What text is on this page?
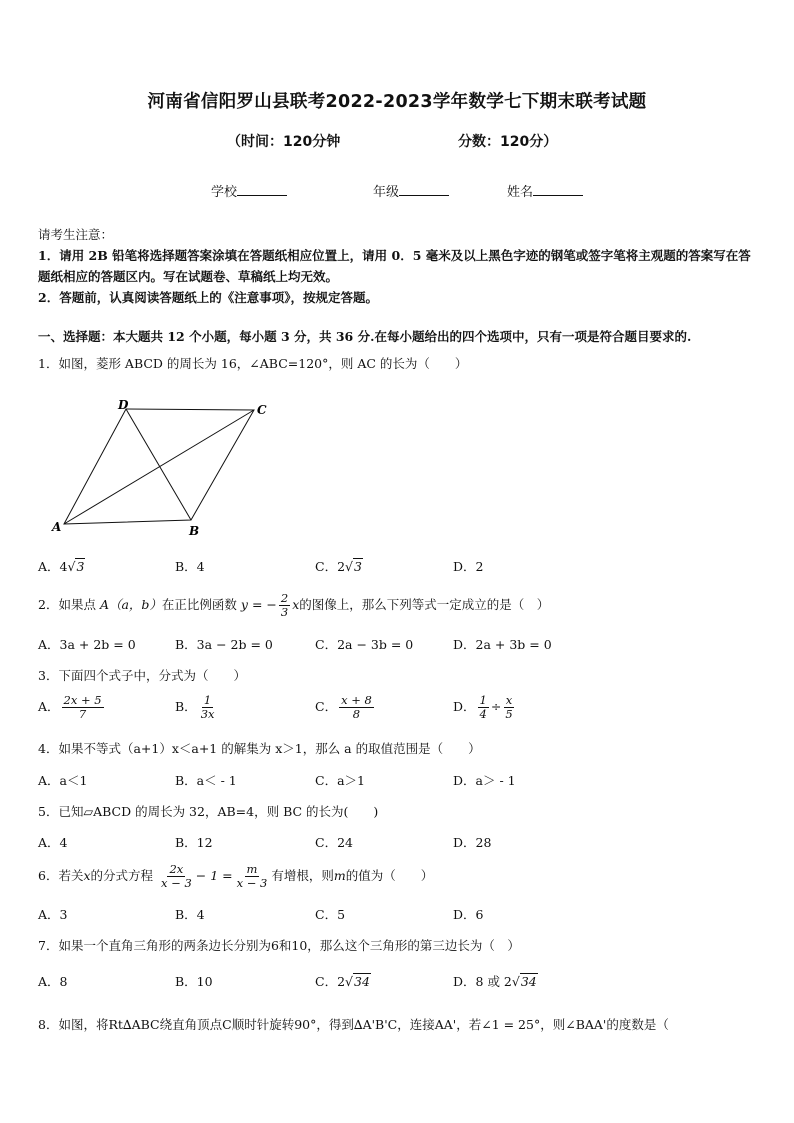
河南省信阳罗山县联考2022-2023学年数学七下期末联考试题
（时间：120分钟	分数：120分）
学校	年级	姓名
请考生注意：
1．请用 2B 铅笔将选择题答案涂填在答题纸相应位置上，请用 0．5 毫米及以上黑色字迹的钢笔或签字笔将主观题的答案写在答题纸相应的答题区内。写在试题卷、草稿纸上均无效。
2．答题前，认真阅读答题纸上的《注意事项》，按规定答题。
一、选择题：本大题共 12 个小题，每小题 3 分，共 36 分.在每小题给出的四个选项中，只有一项是符合题目要求的.
1．如图，菱形 ABCD 的周长为 16，∠ABC=120°，则 AC 的长为（　　）
D	C
A	B
A．4√3	B．4	C．2√3	D．2
2．如果点 A（a，b）在正比例函数 y = − $\frac{2}{3}$ x的图像上，那么下列等式一定成立的是（　）
A．3a + 2b = 0	B．3a − 2b = 0	C．2a − 3b = 0	D．2a + 3b = 0
3．下面四个式子中，分式为（　　）
A． $\frac{2x + 5}{7}$	B． $\frac{1}{3x}$	C． $\frac{x + 8}{8}$	D． $\frac{1}{4} \div \frac{x}{5}$
4．如果不等式（a+1）x＜a+1 的解集为 x＞1，那么 a 的取值范围是（　　）
A．a＜1	B．a＜ - 1	C．a＞1	D．a＞ - 1
5．已知▱ABCD 的周长为 32，AB=4，则 BC 的长为(　　)
A．4	B．12	C．24	D．28
6．若关x的分式方程 $\frac{2x}{x - 3} - 1 = \frac{m}{x - 3}$ 有增根，则m的值为（　　）
A．3	B．4	C．5	D．6
7．如果一个直角三角形的两条边长分别为6和10，那么这个三角形的第三边长为（　）
A．8	B．10	C．2√34	D．8 或 2√34
8．如图，将Rt∆ABC绕直角顶点C顺时针旋转90°，得到∆A'B'C，连接AA'，若∠1 = 25°，则∠BAA'的度数是（
